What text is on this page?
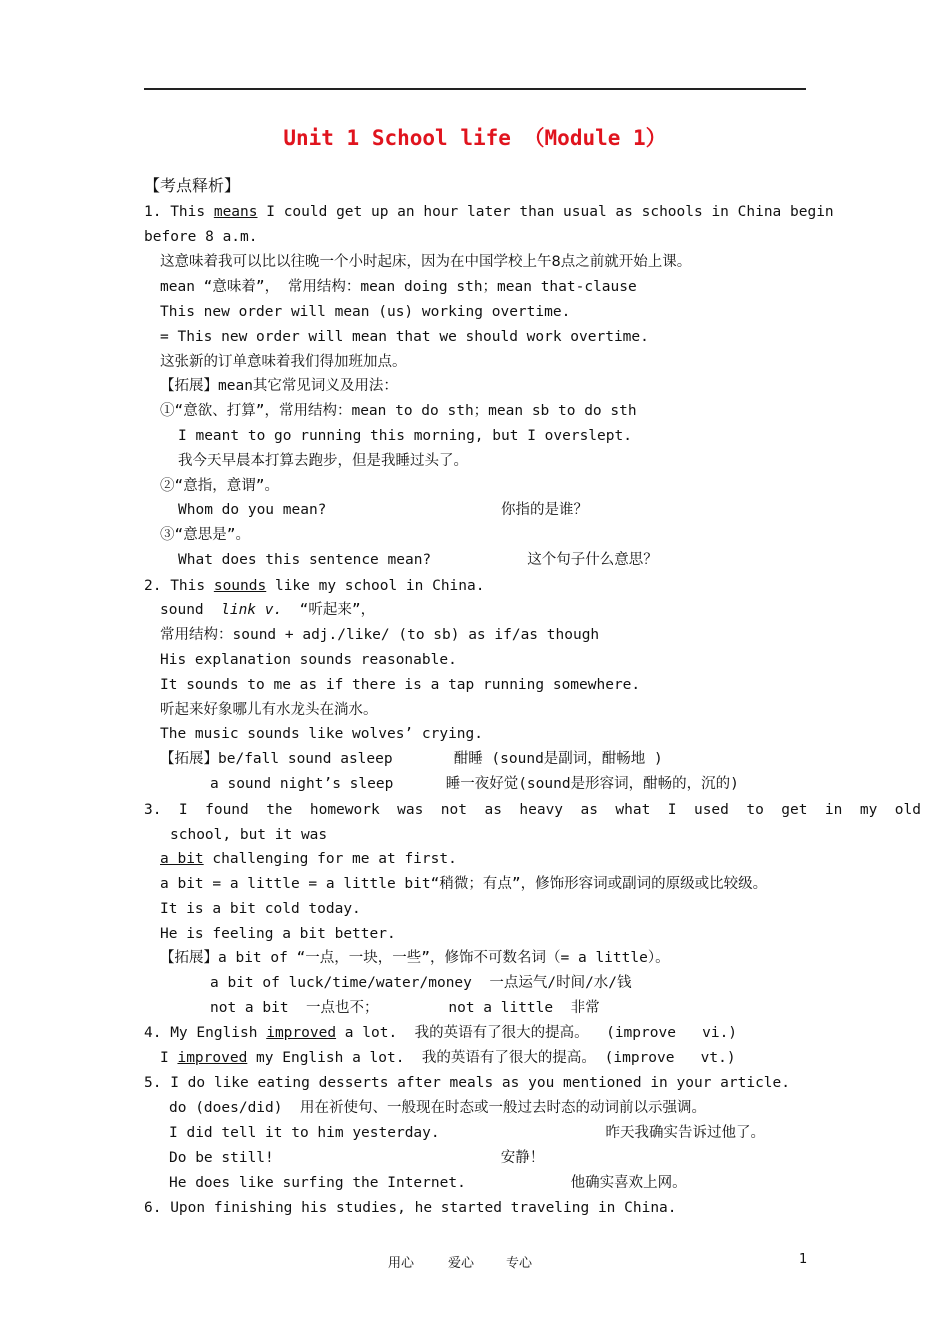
Unit 1 School life （Module 1）
【考点释析】
1. This means I could get up an hour later than usual as schools in China begin
before 8 a.m.
这意味着我可以比以往晚一个小时起床，因为在中国学校上午8点之前就开始上课。
mean “意味着”， 常用结构：mean doing sth；mean that-clause
This new order will mean (us) working overtime.
= This new order will mean that we should work overtime.
这张新的订单意味着我们得加班加点。
【拓展】mean其它常见词义及用法：
①“意欲、打算”，常用结构：mean to do sth；mean sb to do sth
I meant to go running this morning, but I overslept.
我今天早晨本打算去跑步，但是我睡过头了。
②“意指，意谓”。
Whom do you mean?                    你指的是谁？
③“意思是”。
What does this sentence mean?           这个句子什么意思？
2. This sounds like my school in China.
sound  link v.  “听起来”，
常用结构：sound + adj./like/ (to sb) as if/as though
His explanation sounds reasonable.
It sounds to me as if there is a tap running somewhere.
听起来好象哪儿有水龙头在淌水。
The music sounds like wolves’ crying.
【拓展】be/fall sound asleep       酣睡 (sound是副词，酣畅地 )
a sound night’s sleep      睡一夜好觉(sound是形容词，酣畅的，沉的)
3.  I  found  the  homework  was  not  as  heavy  as  what  I  used  to  get  in  my  old
school, but it was
a bit challenging for me at first.
a bit = a little = a little bit“稍微；有点”，修饰形容词或副词的原级或比较级。
It is a bit cold today.
He is feeling a bit better.
【拓展】a bit of “一点，一块，一些”，修饰不可数名词（= a little）。
a bit of luck/time/water/money  一点运气/时间/水/钱
not a bit  一点也不；        not a little  非常
4. My English improved a lot.  我的英语有了很大的提高。  (improve   vi.)
I improved my English a lot.  我的英语有了很大的提高。 (improve   vt.)
5. I do like eating desserts after meals as you mentioned in your article.
do (does/did)  用在祈使句、一般现在时态或一般过去时态的动词前以示强调。
I did tell it to him yesterday.                   昨天我确实告诉过他了。
Do be still!                          安静！
He does like surfing the Internet.            他确实喜欢上网。
6. Upon finishing his studies, he started traveling in China.
用心	爱心 专心	1
